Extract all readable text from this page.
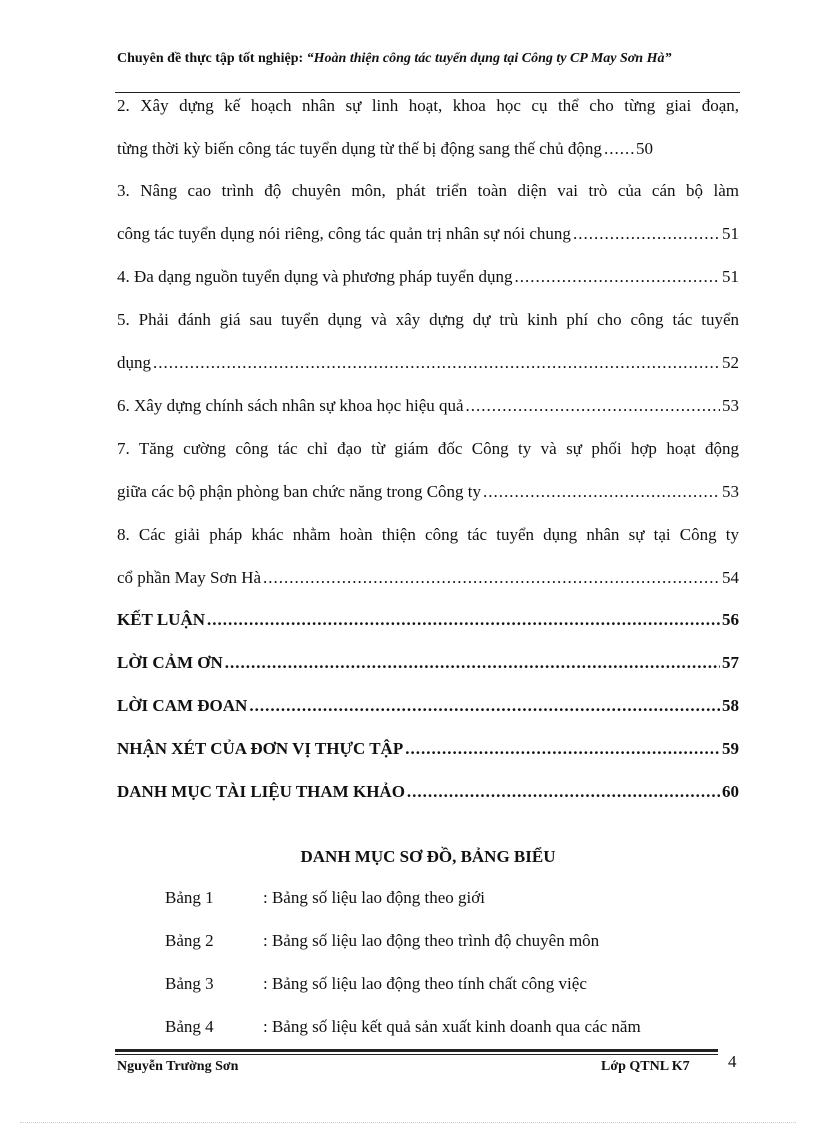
Chuyên đề thực tập tốt nghiệp: “Hoàn thiện công tác tuyển dụng tại Công ty CP May Sơn Hà”
2. Xây dựng kế hoạch nhân sự linh hoạt, khoa học cụ thể cho từng giai đoạn,
từng thời kỳ biến công tác tuyển dụng từ thế bị động sang thế chủ động ..... 50
3. Nâng cao trình độ chuyên môn, phát triển toàn diện vai trò của cán bộ làm
công tác tuyển dụng nói riêng, công tác quản trị nhân sự nói chung .....	51
4. Đa dạng nguồn tuyển dụng và phương pháp tuyển dụng .....	51
5. Phải đánh giá sau tuyển dụng và xây dựng dự trù kinh phí cho công tác tuyển
dụng .....	52
6. Xây dựng chính sách nhân sự khoa học hiệu quả .....	53
7. Tăng cường công tác chỉ đạo từ giám đốc Công ty và sự phối hợp hoạt động
giữa các bộ phận phòng ban chức năng trong Công ty .....	53
8. Các giải pháp khác nhằm hoàn thiện công tác tuyển dụng nhân sự tại Công ty
cổ phần May Sơn Hà .....	54
KẾT LUẬN .....	56
LỜI CẢM ƠN .....	57
LỜI CAM ĐOAN .....	58
NHẬN XÉT CỦA ĐƠN VỊ THỰC TẬP .....	59
DANH MỤC TÀI LIỆU THAM KHẢO .....	60
DANH MỤC SƠ ĐỒ, BẢNG BIỂU
Bảng 1	: Bảng số liệu lao động theo giới
Bảng 2	: Bảng số liệu lao động theo trình độ chuyên môn
Bảng 3	: Bảng số liệu lao động theo tính chất công việc
Bảng 4	: Bảng số liệu kết quả sản xuất kinh doanh qua các năm
Nguyễn Trường Sơn	Lớp QTNL K7 4
